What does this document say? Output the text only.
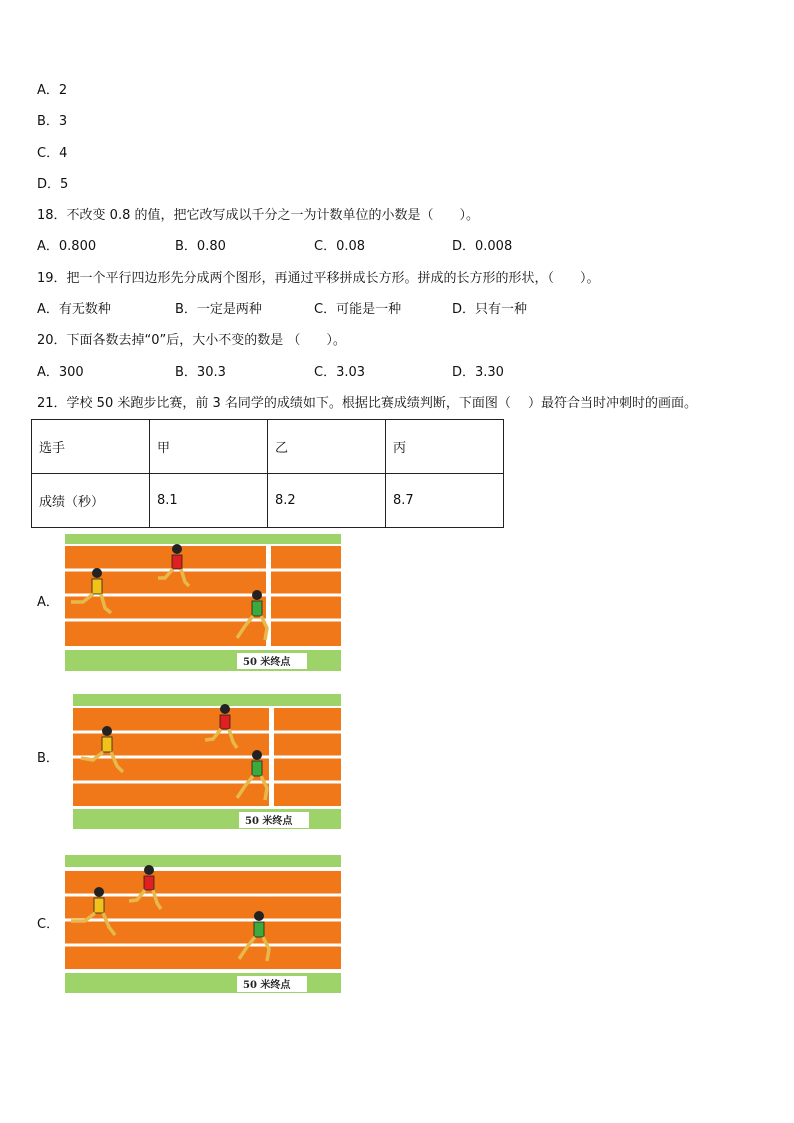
A．2
B．3
C．4
D．5
18．不改变 0.8 的值，把它改写成以千分之一为计数单位的小数是（　　）。
A．0.800	B．0.80	C．0.08	D．0.008
19．把一个平行四边形先分成两个图形，再通过平移拼成长方形。拼成的长方形的形状，（　　）。
A．有无数种	B．一定是两种	C．可能是一种	D．只有一种
20．下面各数去掉“0”后，大小不变的数是 （　　）。
A．300	B．30.3	C．3.03	D．3.30
21．学校 50 米跑步比赛，前 3 名同学的成绩如下。根据比赛成绩判断，下面图（　 ）最符合当时冲刺时的画面。
选手	甲	乙	丙
成绩（秒）	8.1	8.2	8.7
A．
50 米终点
B．
50 米终点
C．
50 米终点
